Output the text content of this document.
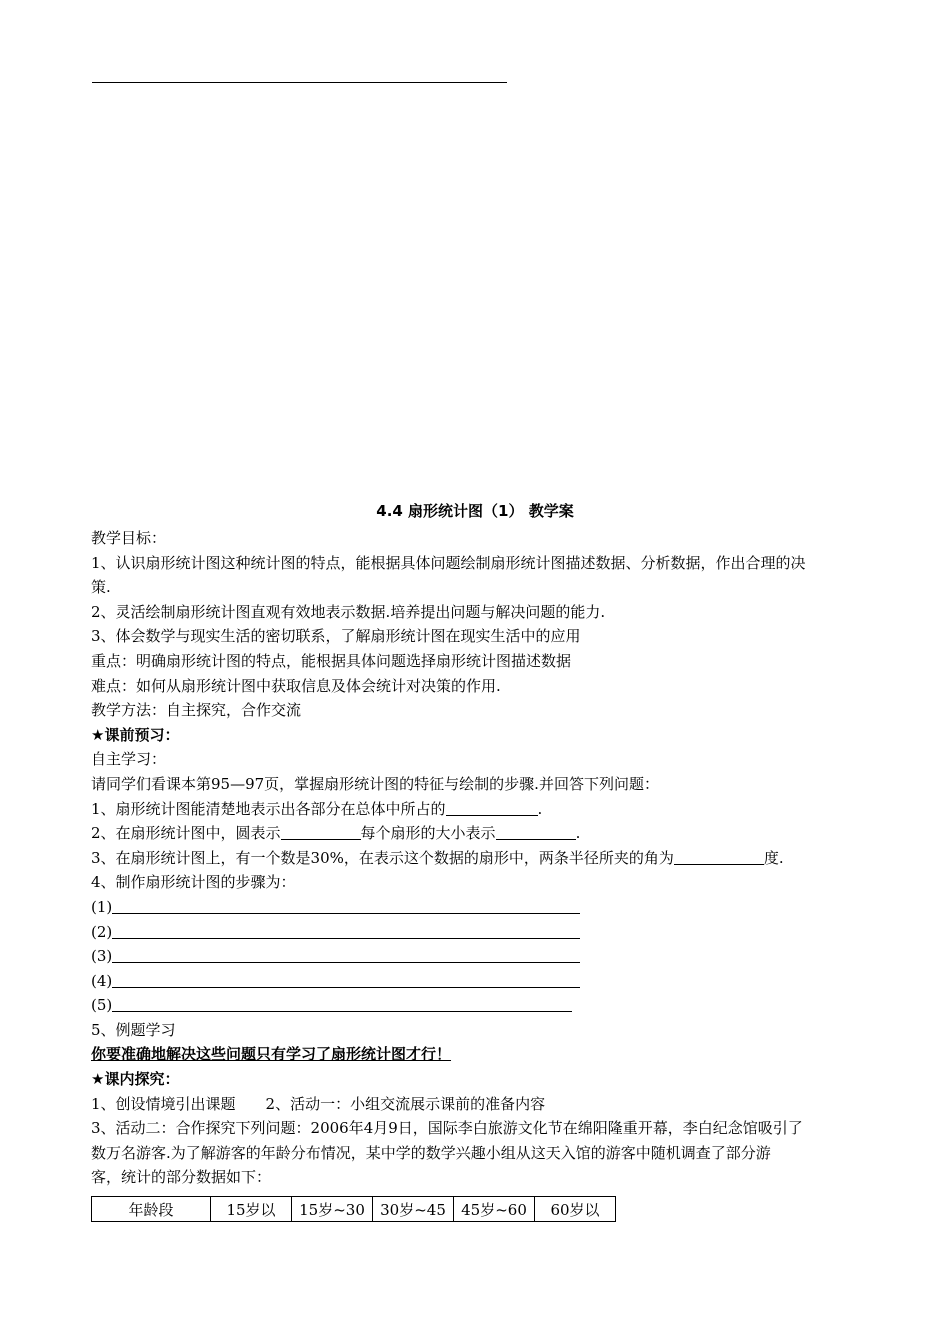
4.4 扇形统计图（1） 教学案
教学目标：
1、认识扇形统计图这种统计图的特点，能根据具体问题绘制扇形统计图描述数据、分析数据，作出合理的决
策.
2、灵活绘制扇形统计图直观有效地表示数据.培养提出问题与解决问题的能力.
3、体会数学与现实生活的密切联系，了解扇形统计图在现实生活中的应用
重点：明确扇形统计图的特点，能根据具体问题选择扇形统计图描述数据
难点：如何从扇形统计图中获取信息及体会统计对决策的作用.
教学方法：自主探究，合作交流
★课前预习：
自主学习：
请同学们看课本第95—97页，掌握扇形统计图的特征与绘制的步骤.并回答下列问题：
1、扇形统计图能清楚地表示出各部分在总体中所占的	.
2、在扇形统计图中，圆表示	每个扇形的大小表示	.
3、在扇形统计图上，有一个数是30%，在表示这个数据的扇形中，两条半径所夹的角为	度.
4、制作扇形统计图的步骤为：
(1)
(2)
(3)
(4)
(5)
5、例题学习
你要准确地解决这些问题只有学习了扇形统计图才行！
★课内探究：
1、创设情境引出课题 2、活动一：小组交流展示课前的准备内容
3、活动二：合作探究下列问题：2006年4月9日，国际李白旅游文化节在绵阳隆重开幕，李白纪念馆吸引了
数万名游客.为了解游客的年龄分布情况，某中学的数学兴趣小组从这天入馆的游客中随机调查了部分游
客，统计的部分数据如下：
年龄段	15岁以	15岁~30	30岁~45	45岁~60	60岁以
